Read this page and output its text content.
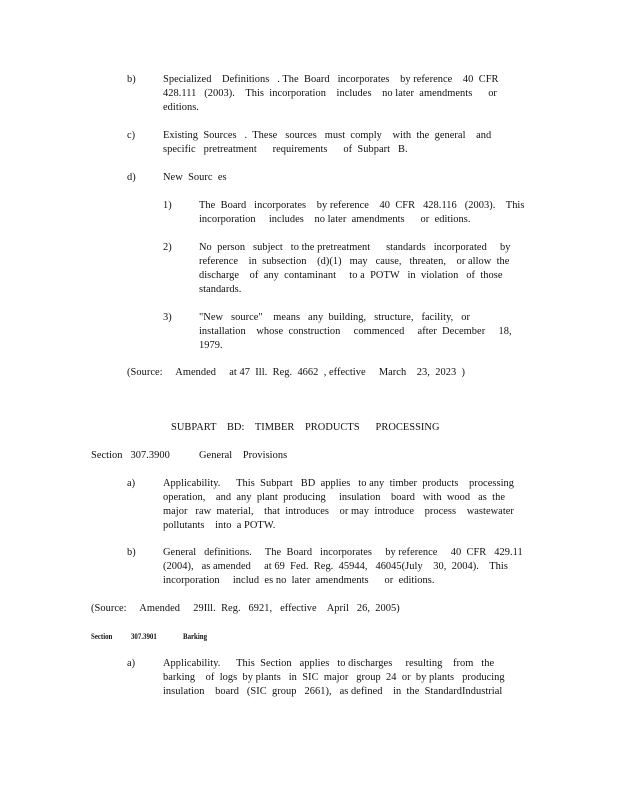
b)	Specialized    Definitions   . The  Board   incorporates    by reference    40  CFR
428.111   (2003).    This  incorporation    includes    no later  amendments      or
editions.
c)	Existing  Sources   .  These   sources   must  comply    with  the  general    and
specific   pretreatment      requirements      of  Subpart   B.
d)	New  Sourc  es
1)	The  Board   incorporates    by reference    40  CFR   428.116   (2003).    This
incorporation     includes    no later  amendments      or  editions.
2)	No  person   subject   to the pretreatment      standards   incorporated     by
reference    in  subsection    (d)(1)   may   cause,   threaten,    or allow  the
discharge    of  any  contaminant     to a  POTW   in  violation   of  those
standards.
3)	"New   source"    means   any  building,   structure,   facility,   or
installation    whose  construction     commenced     after  December     18,
1979.
(Source:     Amended     at 47  Ill.  Reg.  4662  , effective     March    23,  2023  )
SUBPART    BD:    TIMBER    PRODUCTS      PROCESSING
Section   307.3900	General    Provisions
a)	Applicability.      This  Subpart   BD  applies   to any  timber  products    processing
operation,    and  any  plant  producing     insulation    board   with  wood   as  the
major   raw  material,    that  introduces    or may  introduce    process    wastewater
pollutants    into  a POTW.
b)	General   definitions.     The  Board   incorporates     by reference     40  CFR   429.11
(2004),   as amended     at 69  Fed.  Reg.  45944,   46045(July    30,  2004).    This
incorporation     includ  es no  later  amendments      or  editions.
(Source:     Amended     29Ill.  Reg.   6921,   effective    April   26,  2005)
Section 307.3901	Barking
a)	Applicability.      This  Section   applies   to discharges     resulting    from   the
barking    of  logs  by plants   in  SIC  major   group  24  or  by plants   producing
insulation    board   (SIC  group   2661),   as defined    in  the  StandardIndustrial
